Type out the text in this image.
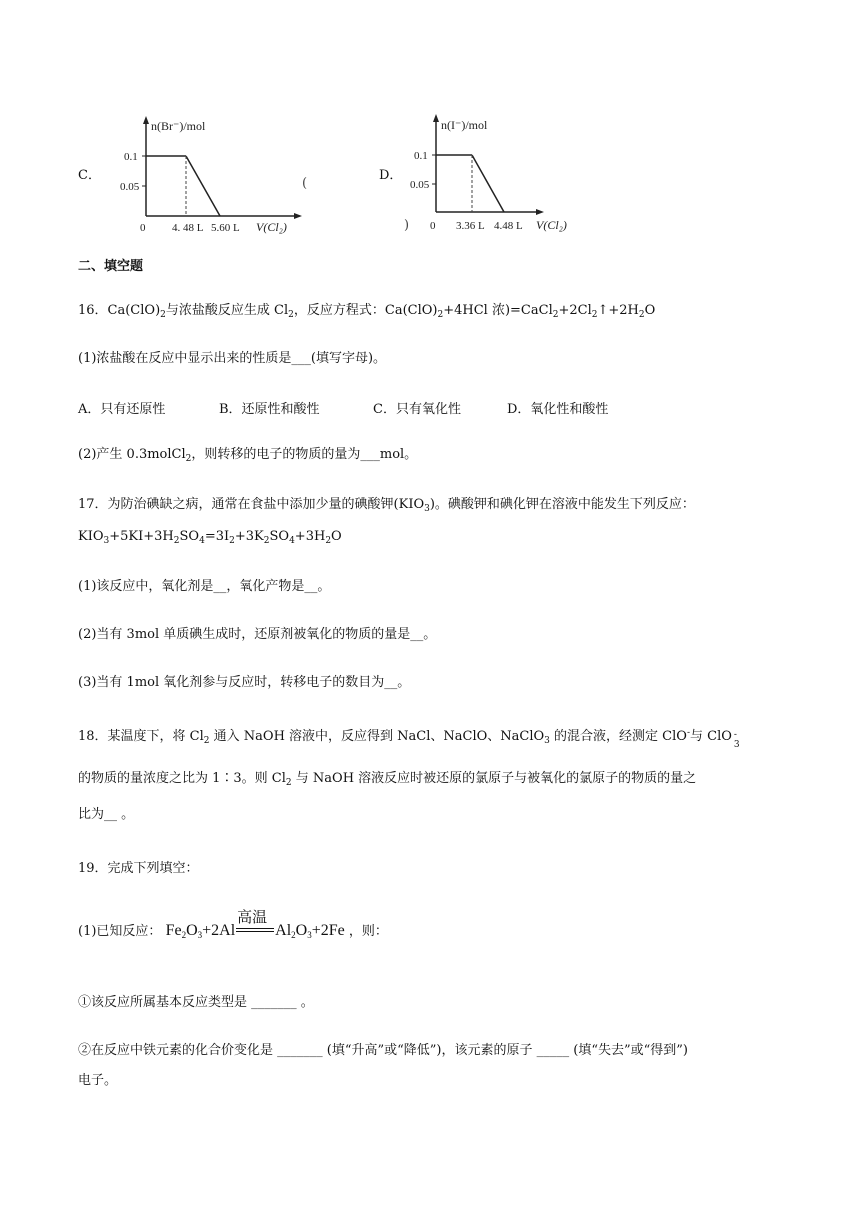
C．
n(Br⁻)/mol
0.1
0.05
0 4. 48 L 5.60 L V(Cl₂)
(
D．
)
n(I⁻)/mol
0.1
0.05
0 3.36 L 4.48 L V(Cl₂)
二、填空题
16．$Ca(ClO)_2$与浓盐酸反应生成 $Cl_2$，反应方程式：$Ca(ClO)_2+4HCl$ 浓)$=CaCl_2+2Cl_2↑+2H_2O$
(1)浓盐酸在反应中显示出来的性质是___(填写字母)。
A．只有还原性	B．还原性和酸性	C．只有氧化性	D．氧化性和酸性
(2)产生 0.3molCl$_2$，则转移的电子的物质的量为___mol。
17．为防治碘缺之病，通常在食盐中添加少量的碘酸钾$(KIO_3)$。碘酸钾和碘化钾在溶液中能发生下列反应：
$KIO_3+5KI+3H_2SO_4=3I_2+3K_2SO_4+3H_2O$
(1)该反应中，氧化剂是__，氧化产物是__。
(2)当有 3mol 单质碘生成时，还原剂被氧化的物质的量是__。
(3)当有 1mol 氧化剂参与反应时，转移电子的数目为__。
18．某温度下，将 $Cl_2$ 通入 NaOH 溶液中，反应得到 NaCl、NaClO、NaClO$_3$ 的混合液，经测定 ClO-与 ClO -
3
的物质的量浓度之比为 1∶3。则 $Cl_2$ 与 NaOH 溶液反应时被还原的氯原子与被氧化的氯原子的物质的量之
比为__ 。
19．完成下列填空：
(1)已知反应： $Fe_2O_3+2Al$
高温
$Al_2O_3+2Fe$ ，则：
①该反应所属基本反应类型是 _______ 。
②在反应中铁元素的化合价变化是 _______ (填“升高”或“降低”)，该元素的原子 _____ (填“失去”或“得到”)
电子。
